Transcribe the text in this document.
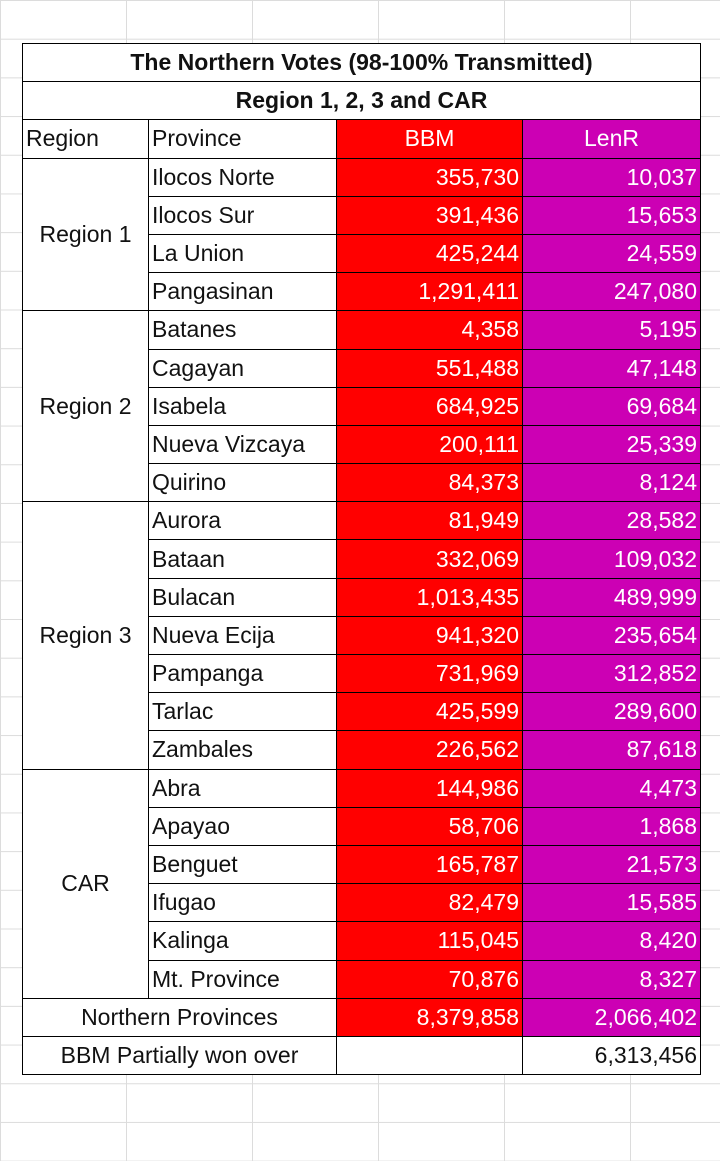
The Northern Votes (98-100% Transmitted)			
Region 1, 2, 3 and CAR			
Region	Province	BBM	LenR
Region 1	Ilocos Norte	355,730	10,037
	Ilocos Sur	391,436	15,653
	La Union	425,244	24,559
	Pangasinan	1,291,411	247,080
Region 2	Batanes	4,358	5,195
	Cagayan	551,488	47,148
	Isabela	684,925	69,684
	Nueva Vizcaya	200,111	25,339
	Quirino	84,373	8,124
Region 3	Aurora	81,949	28,582
	Bataan	332,069	109,032
	Bulacan	1,013,435	489,999
	Nueva Ecija	941,320	235,654
	Pampanga	731,969	312,852
	Tarlac	425,599	289,600
	Zambales	226,562	87,618
CAR	Abra	144,986	4,473
	Apayao	58,706	1,868
	Benguet	165,787	21,573
	Ifugao	82,479	15,585
	Kalinga	115,045	8,420
	Mt. Province	70,876	8,327
Northern Provinces		8,379,858	2,066,402
BBM Partially won over			6,313,456
